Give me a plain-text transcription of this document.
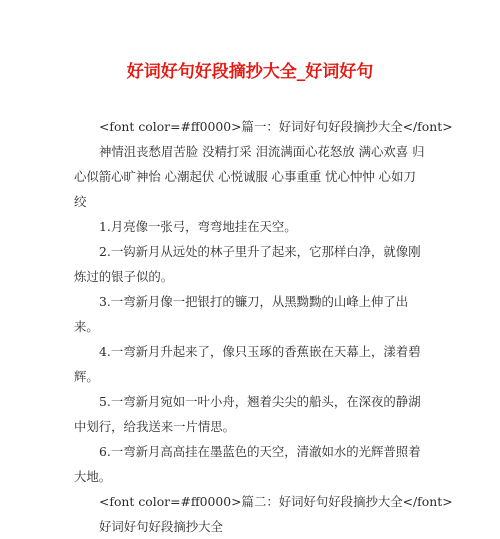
好词好句好段摘抄大全_好词好句

<font color=#ff0000>篇一：好词好句好段摘抄大全</font>

神情沮丧愁眉苦脸 没精打采 泪流满面心花怒放 满心欢喜 归心似箭心旷神怡 心潮起伏 心悦诚服 心事重重 忧心忡忡 心如刀绞

1.月亮像一张弓，弯弯地挂在天空。

2.一钩新月从远处的林子里升了起来，它那样白净，就像刚炼过的银子似的。

3.一弯新月像一把银打的镰刀，从黑黝黝的山峰上伸了出来。

4.一弯新月升起来了，像只玉琢的香蕉嵌在天幕上，漾着碧辉。

5.一弯新月宛如一叶小舟，翘着尖尖的船头，在深夜的静湖中划行，给我送来一片情思。

6.一弯新月高高挂在墨蓝色的天空，清澈如水的光辉普照着大地。

<font color=#ff0000>篇二：好词好句好段摘抄大全</font>

好词好句好段摘抄大全
